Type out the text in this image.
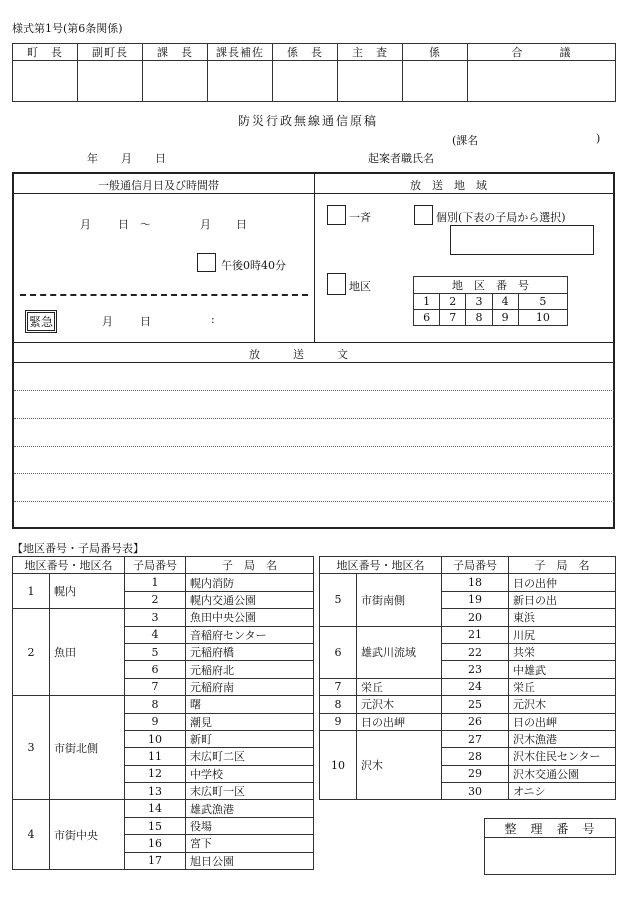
様式第1号(第6条関係)
町　長	副町長	課　長	課長補佐	係　長	主　査	係	合　　　議

防災行政無線通信原稿
(課名	)
年 月 日	起案者職氏名
一般通信月日及び時間帯	放　送　地　域
月 日 〜	月 日
午後0時40分
緊急	月 日	:
一斉	個別(下表の子局から選択)
地区	地　区　番　号				
1	2	3	4	5
6	7	8	9	10
放　　　送　　　文
【地区番号・子局番号表】
地区番号・地区名		子局番号	子　局　名
1	幌内	1	幌内消防
		2	幌内交通公園
2	魚田	3	魚田中央公園
		4	音稲府センター
		5	元稲府橋
		6	元稲府北
		7	元稲府南
3	市街北側	8	曙
		9	潮見
		10	新町
		11	末広町二区
		12	中学校
		13	末広町一区
4	市街中央	14	雄武漁港
		15	役場
		16	宮下
		17	旭日公園
地区番号・地区名		子局番号	子　局　名
5	市街南側	18	日の出仲
		19	新日の出
		20	東浜
6	雄武川流域	21	川尻
		22	共栄
		23	中雄武
7	栄丘	24	栄丘
8	元沢木	25	元沢木
9	日の出岬	26	日の出岬
10	沢木	27	沢木漁港
		28	沢木住民センター
		29	沢木交通公園
		30	オニシ
整　理　番　号
